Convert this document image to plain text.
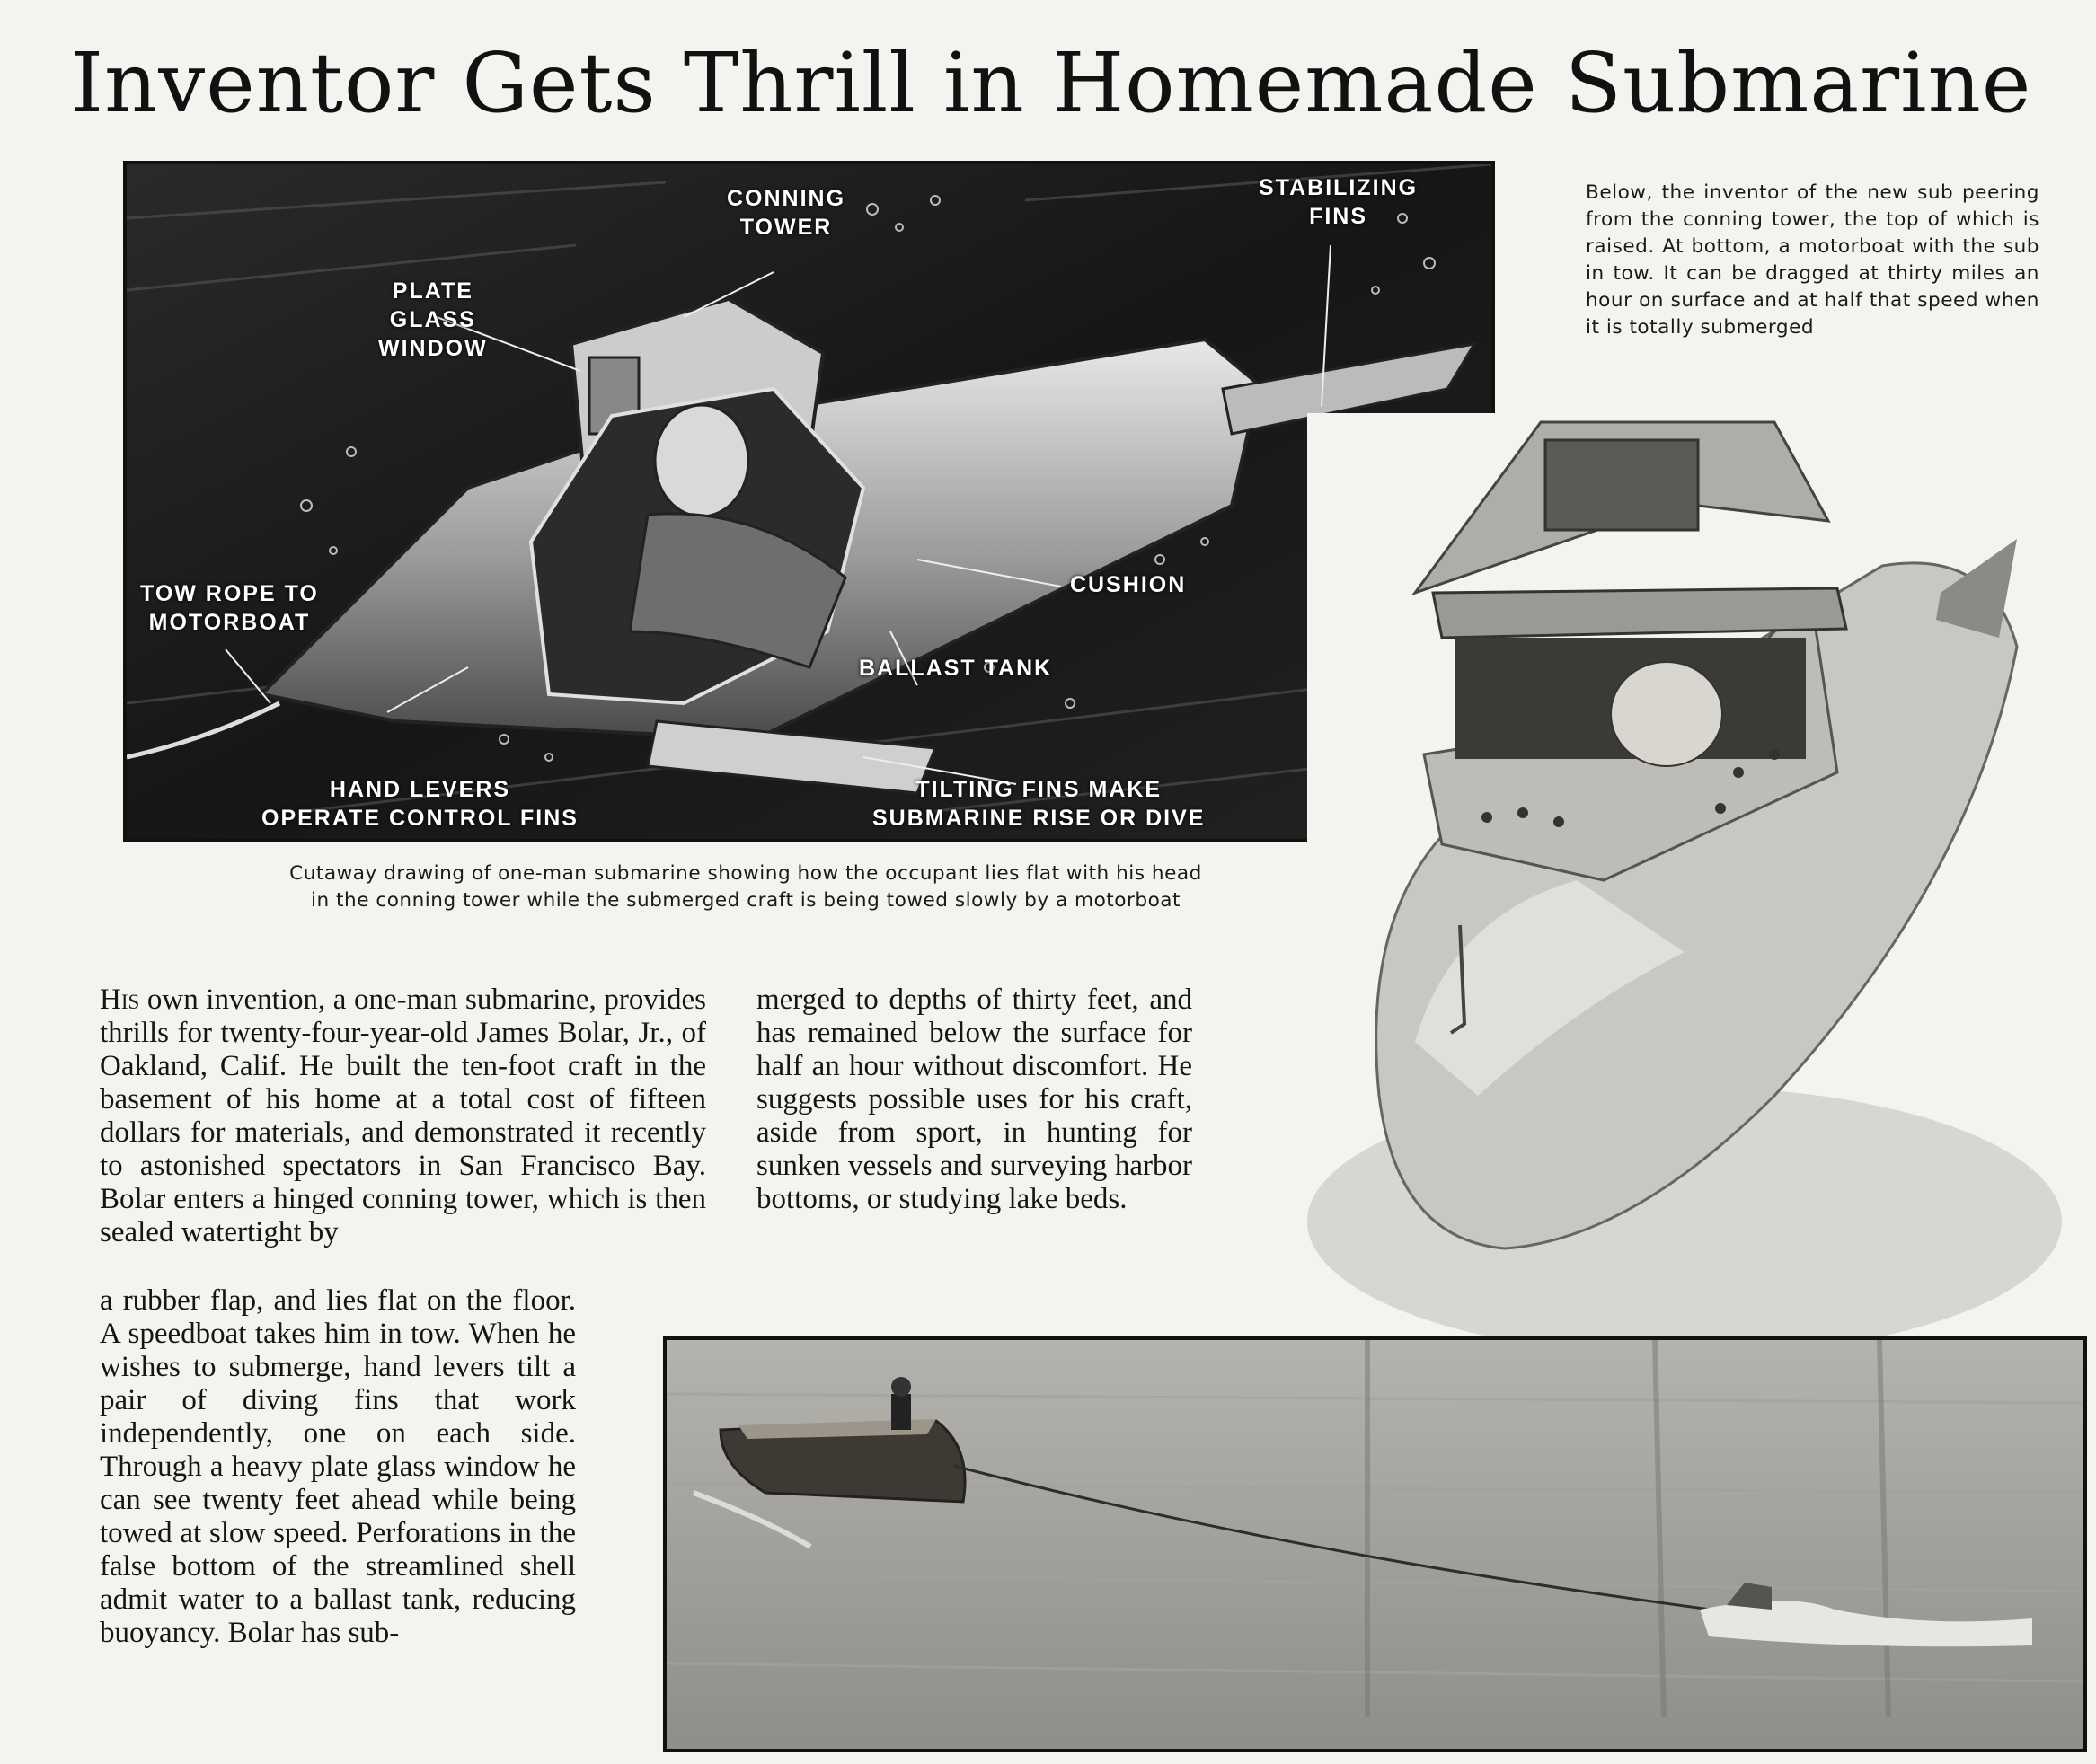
Inventor Gets Thrill in Homemade Submarine
CONNING
TOWER
STABILIZING
FINS
PLATE
GLASS
WINDOW
TOW ROPE TO
MOTORBOAT
CUSHION
BALLAST TANK
HAND LEVERS
OPERATE CONTROL FINS
TILTING FINS MAKE
SUBMARINE RISE OR DIVE
Below, the inventor of the new sub peering from the conning tower, the top of which is raised. At bottom, a motorboat with the sub in tow. It can be dragged at thirty miles an hour on surface and at half that speed when it is totally submerged
Cutaway drawing of one-man submarine showing how the occupant lies flat with his head
in the conning tower while the submerged craft is being towed slowly by a motorboat

His own invention, a one-man submarine, provides thrills for twenty-four-year-old James Bolar, Jr., of Oakland, Calif. He built the ten-foot craft in the basement of his home at a total cost of fifteen dollars for materials, and demonstrated it recently to astonished spectators in San Francisco Bay. Bolar enters a hinged conning tower, which is then sealed watertight by

a rubber flap, and lies flat on the floor. A speedboat takes him in tow. When he wishes to submerge, hand levers tilt a pair of diving fins that work independently, one on each side. Through a heavy plate glass window he can see twenty feet ahead while being towed at slow speed. Perforations in the false bottom of the streamlined shell admit water to a ballast tank, reducing buoyancy. Bolar has sub-

merged to depths of thirty feet, and has remained below the surface for half an hour without discomfort. He suggests possible uses for his craft, aside from sport, in hunting for sunken vessels and surveying harbor bottoms, or studying lake beds.
